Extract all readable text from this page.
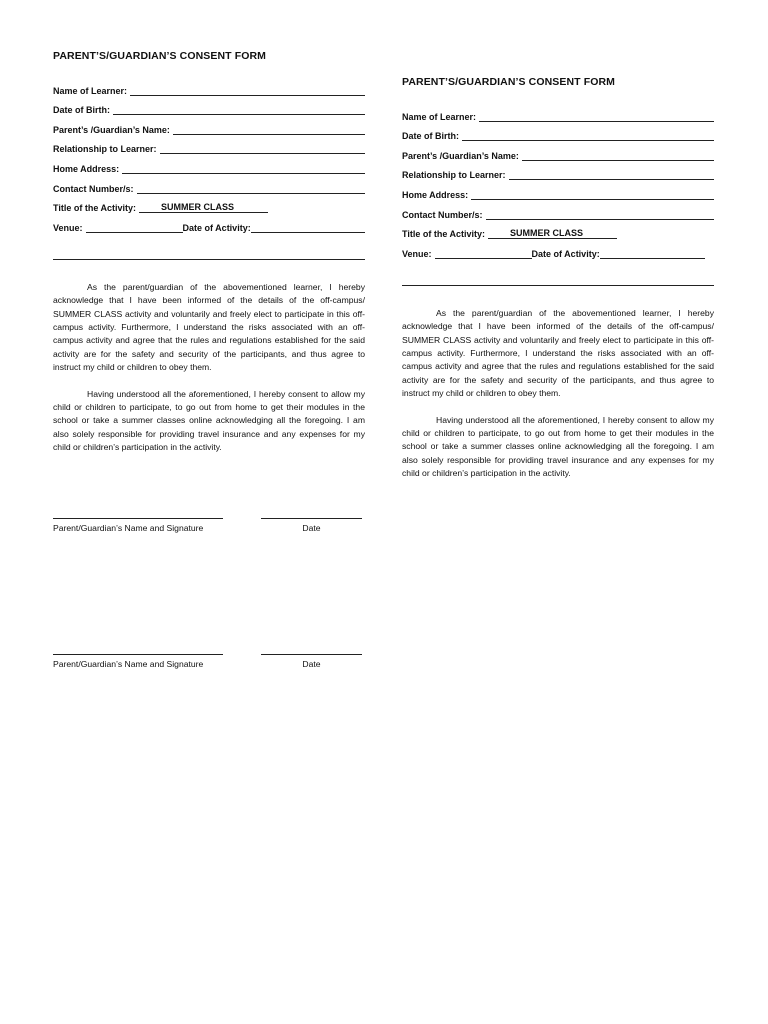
PARENT’S/GUARDIAN’S CONSENT FORM
Name of Learner:
Date of Birth:
Parent’s /Guardian’s Name:
Relationship to Learner:
Home Address:
Contact Number/s:
Title of the Activity:	SUMMER CLASS
Venue:	Date of Activity:

As the parent/guardian of the abovementioned learner, I hereby acknowledge that I have been informed of the details of the off-campus/ SUMMER CLASS activity and voluntarily and freely elect to participate in this off-campus activity. Furthermore, I understand the risks associated with an off-campus activity and agree that the rules and regulations established for the said activity are for the safety and security of the participants, and thus agree to instruct my child or children to obey them.

Having understood all the aforementioned, I hereby consent to allow my child or children to participate, to go out from home to get their modules in the school or take a summer classes online acknowledging all the foregoing. I am also solely responsible for providing travel insurance and any expenses for my child or children’s participation in the activity.

Parent/Guardian’s Name and Signature	Date
Parent/Guardian’s Name and Signature	Date
PARENT’S/GUARDIAN’S CONSENT FORM
Name of Learner:
Date of Birth:
Parent’s /Guardian’s Name:
Relationship to Learner:
Home Address:
Contact Number/s:
Title of the Activity:	SUMMER CLASS
Venue:	Date of Activity:

As the parent/guardian of the abovementioned learner, I hereby acknowledge that I have been informed of the details of the off-campus/ SUMMER CLASS activity and voluntarily and freely elect to participate in this off-campus activity. Furthermore, I understand the risks associated with an off-campus activity and agree that the rules and regulations established for the said activity are for the safety and security of the participants, and thus agree to instruct my child or children to obey them.

Having understood all the aforementioned, I hereby consent to allow my child or children to participate, to go out from home to get their modules in the school or take a summer classes online acknowledging all the foregoing. I am also solely responsible for providing travel insurance and any expenses for my child or children’s participation in the activity.
